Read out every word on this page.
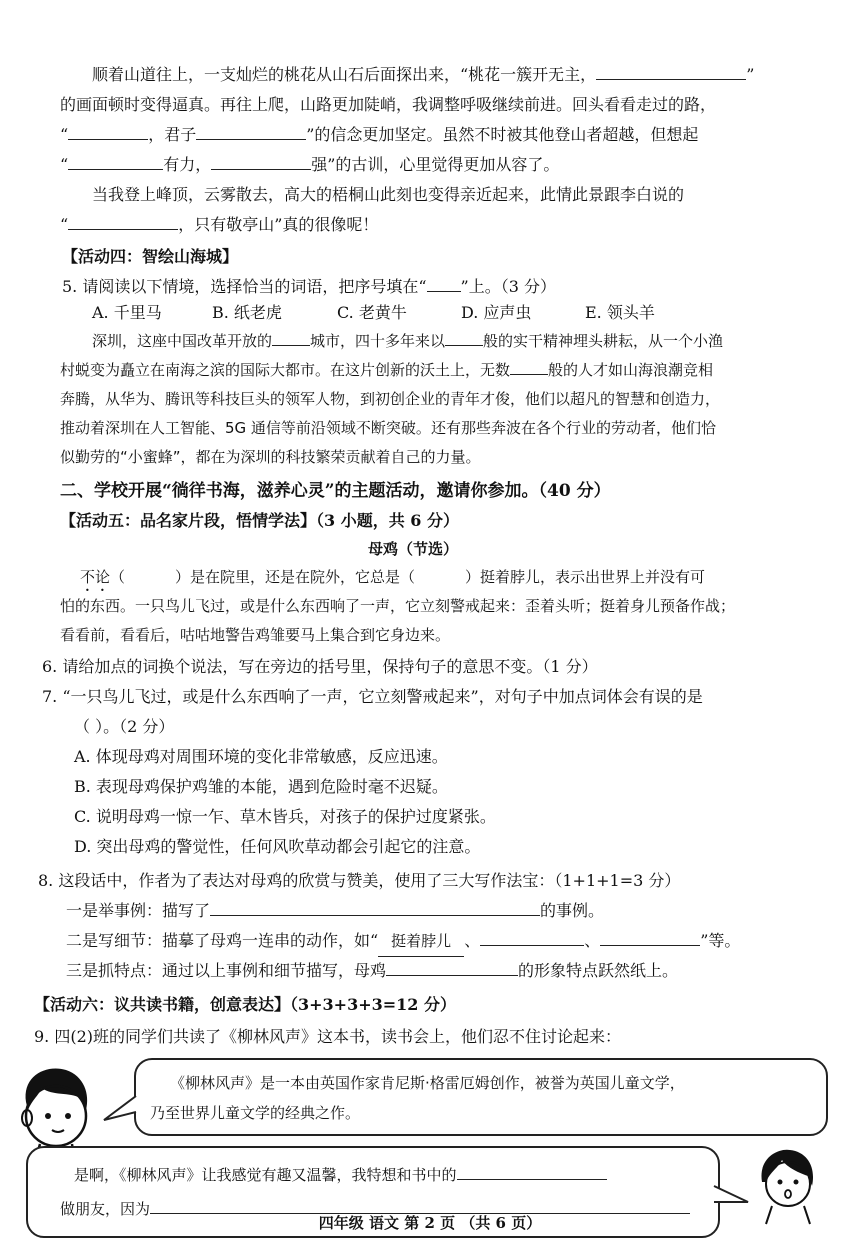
顺着山道往上，一支灿烂的桃花从山石后面探出来，“桃花一簇开无主，	”
的画面顿时变得逼真。再往上爬，山路更加陡峭，我调整呼吸继续前进。回头看看走过的路，
“	，君子	”的信念更加坚定。虽然不时被其他登山者超越，但想起
“	有力，	强”的古训，心里觉得更加从容了。
当我登上峰顶，云雾散去，高大的梧桐山此刻也变得亲近起来，此情此景跟李白说的
“	，只有敬亭山”真的很像呢！
【活动四：智绘山海城】
5. 请阅读以下情境，选择恰当的词语，把序号填在“ ”上。（3 分）
A. 千里马	B. 纸老虎	C. 老黄牛	D. 应声虫	E. 领头羊
深圳，这座中国改革开放的	城市，四十多年来以	般的实干精神埋头耕耘，从一个小渔
村蜕变为矗立在南海之滨的国际大都市。在这片创新的沃土上，无数	般的人才如山海浪潮竞相
奔腾，从华为、腾讯等科技巨头的领军人物，到初创企业的青年才俊，他们以超凡的智慧和创造力，
推动着深圳在人工智能、5G 通信等前沿领域不断突破。还有那些奔波在各个行业的劳动者，他们恰
似勤劳的“小蜜蜂”，都在为深圳的科技繁荣贡献着自己的力量。
二、学校开展“徜徉书海，滋养心灵”的主题活动，邀请你参加。（40 分）
【活动五：品名家片段，悟情学法】（3 小题，共 6 分）
母鸡（节选）
不论（	）是在院里，还是在院外，它总是（	）挺着脖儿，表示出世界上并没有可
怕的东西。一只鸟儿飞过，或是什么东西响了一声，它立刻警戒起来：歪着头听；挺着身儿预备作战；
看看前，看看后，咕咕地警告鸡雏要马上集合到它身边来。
6. 请给加点的词换个说法，写在旁边的括号里，保持句子的意思不变。（1 分）
7. “一只鸟儿飞过，或是什么东西响了一声，它立刻警戒起来”，对句子中加点词体会有误的是
（ ）。（2 分）
A. 体现母鸡对周围环境的变化非常敏感，反应迅速。
B. 表现母鸡保护鸡雏的本能，遇到危险时毫不迟疑。
C. 说明母鸡一惊一乍、草木皆兵，对孩子的保护过度紧张。
D. 突出母鸡的警觉性，任何风吹草动都会引起它的注意。
8. 这段话中，作者为了表达对母鸡的欣赏与赞美，使用了三大写作法宝：（1+1+1=3 分）
一是举事例：描写了	的事例。
二是写细节：描摹了母鸡一连串的动作，如“ 挺着脖儿 、	、	”等。
三是抓特点：通过以上事例和细节描写，母鸡	的形象特点跃然纸上。
【活动六：议共读书籍，创意表达】（3+3+3+3=12 分）
9. 四(2)班的同学们共读了《柳林风声》这本书，读书会上，他们忍不住讨论起来：
《柳林风声》是一本由英国作家肯尼斯·格雷厄姆创作，被誉为英国儿童文学，
乃至世界儿童文学的经典之作。
是啊，《柳林风声》让我感觉有趣又温馨，我特想和书中的
做朋友，因为
四年级 语文 第 2 页 （共 6 页）
